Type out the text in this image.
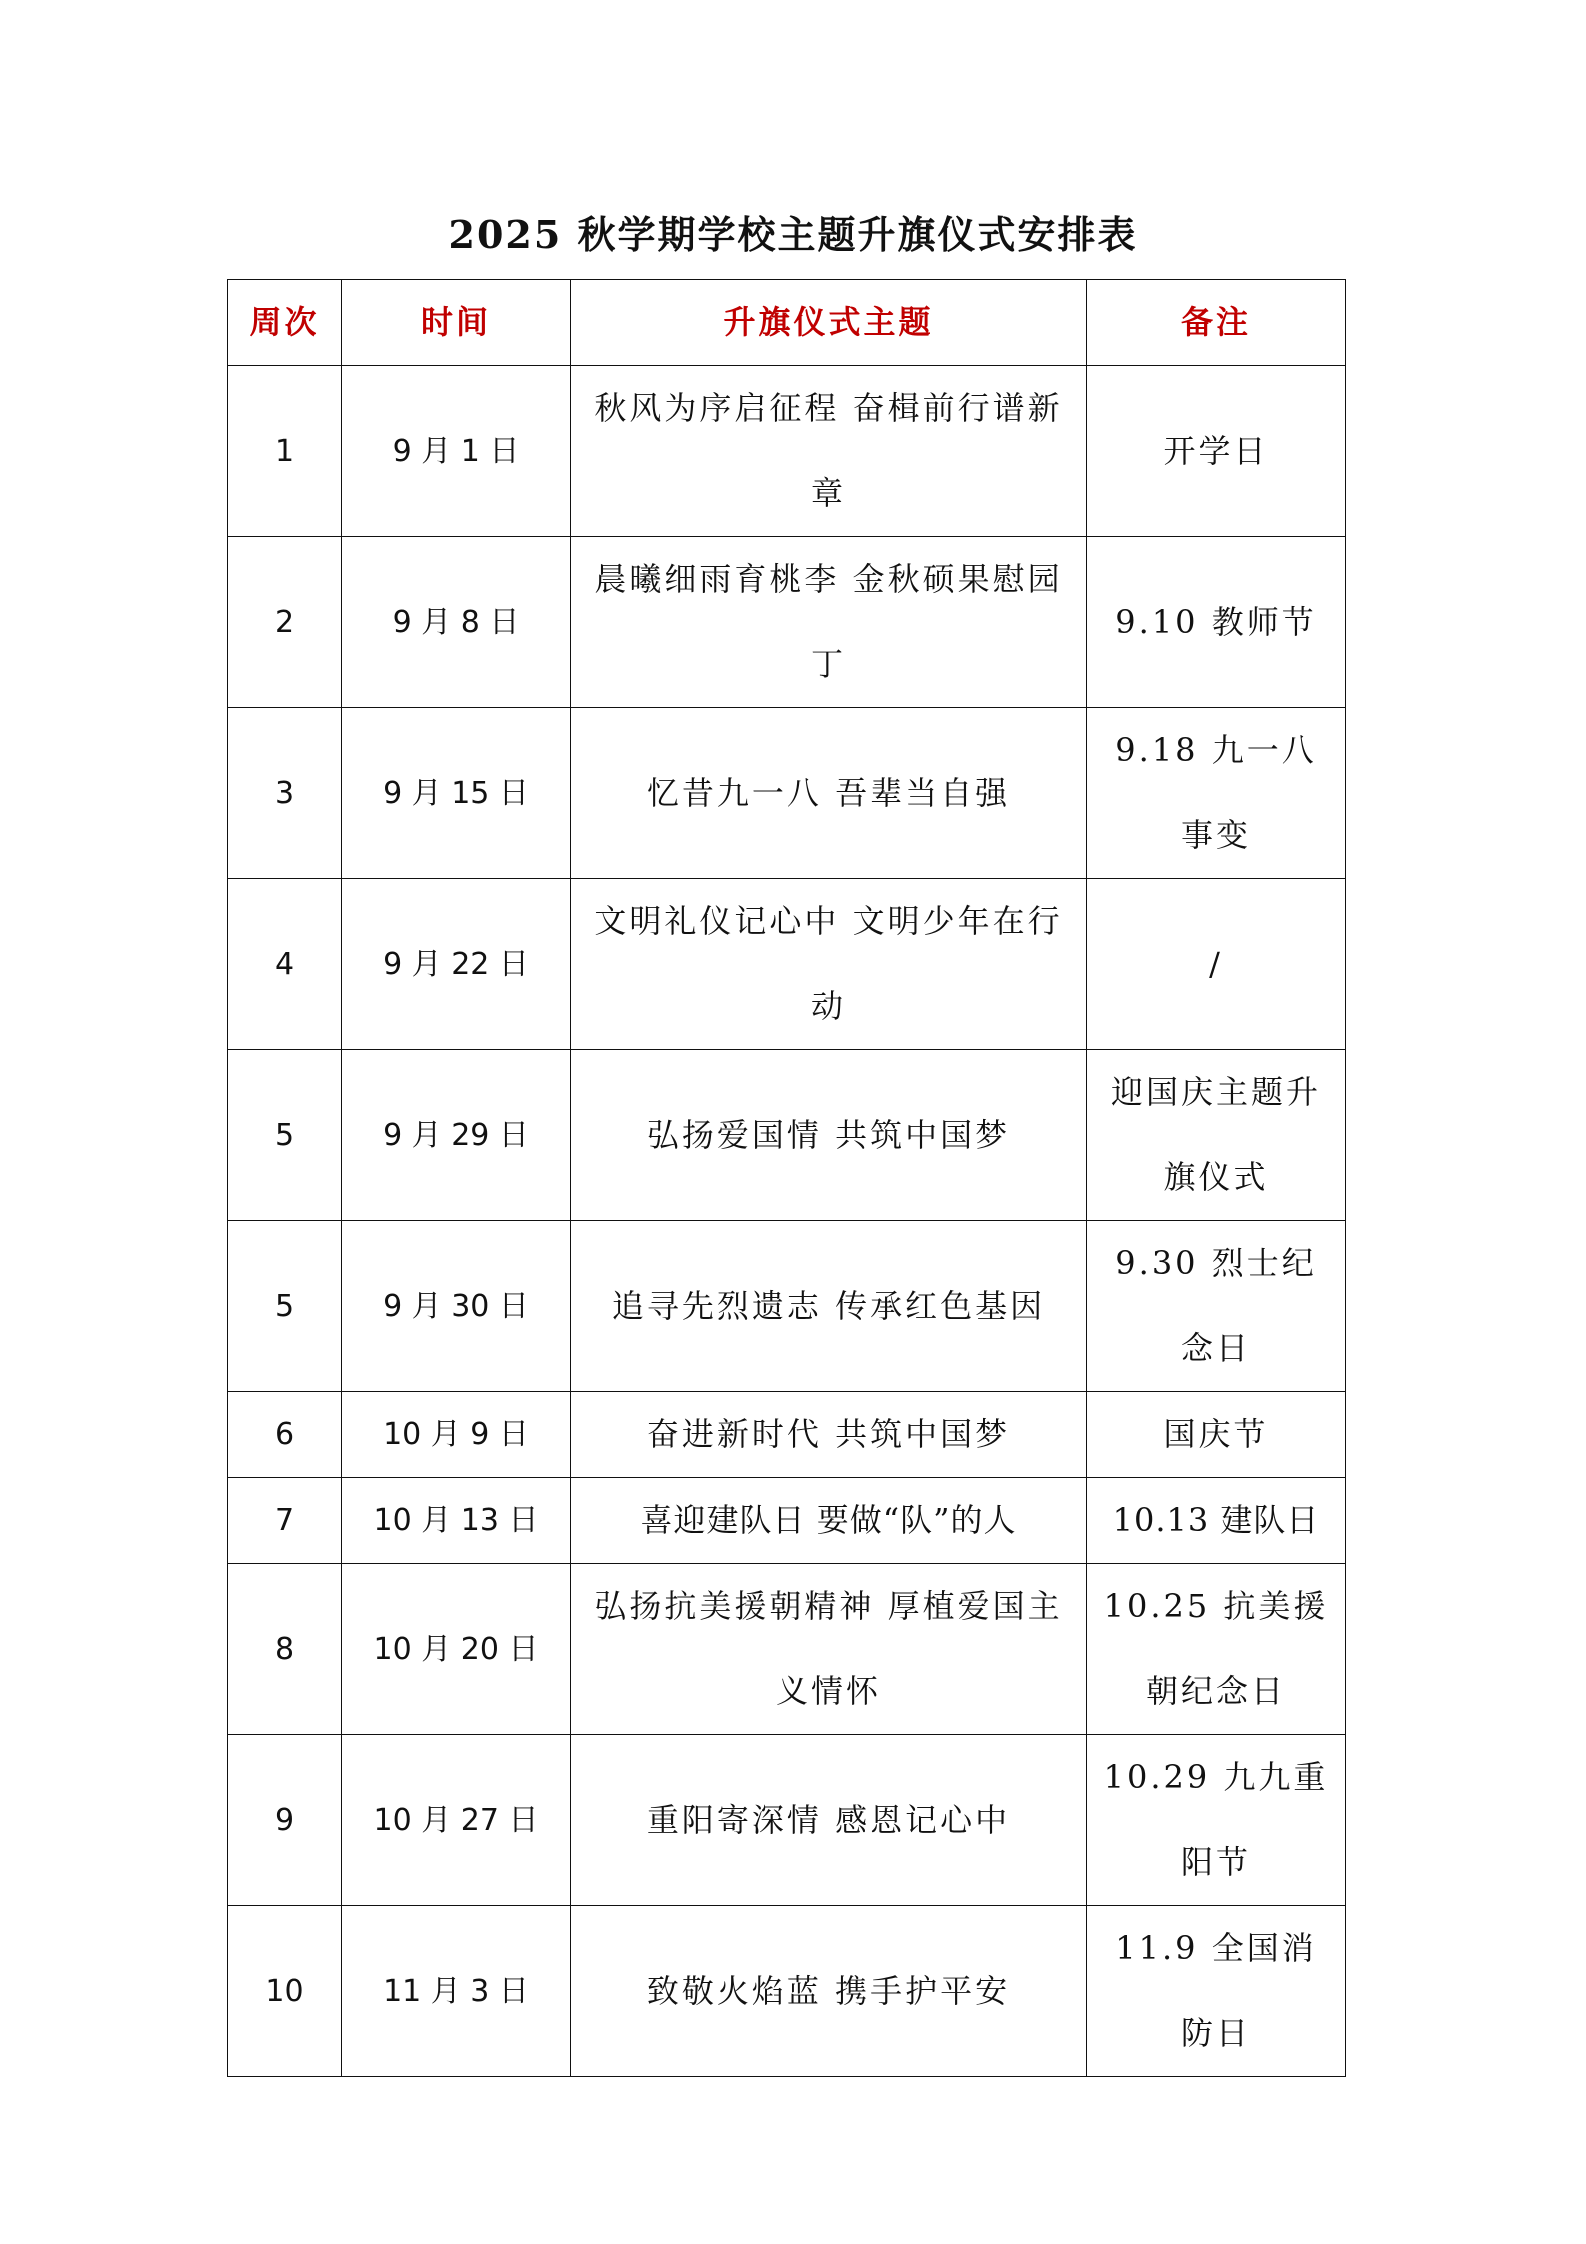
2025 秋学期学校主题升旗仪式安排表
周次	时间	升旗仪式主题	备注
1	9 月 1 日	秋风为序启征程 奋楫前行谱新章	开学日
2	9 月 8 日	晨曦细雨育桃李 金秋硕果慰园丁	9.10 教师节
3	9 月 15 日	忆昔九一八 吾辈当自强	9.18 九一八事变
4	9 月 22 日	文明礼仪记心中 文明少年在行动	/
5	9 月 29 日	弘扬爱国情 共筑中国梦	迎国庆主题升旗仪式
5	9 月 30 日	追寻先烈遗志 传承红色基因	9.30 烈士纪念日
6	10 月 9 日	奋进新时代 共筑中国梦	国庆节
7	10 月 13 日	喜迎建队日 要做“队”的人	10.13 建队日
8	10 月 20 日	弘扬抗美援朝精神 厚植爱国主义情怀	10.25 抗美援朝纪念日
9	10 月 27 日	重阳寄深情 感恩记心中	10.29 九九重阳节
10	11 月 3 日	致敬火焰蓝 携手护平安	11.9 全国消防日
